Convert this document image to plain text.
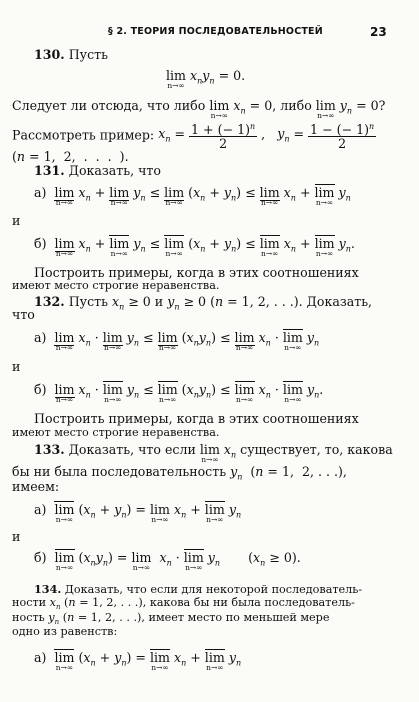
§ 2. ТЕОРИЯ ПОСЛЕДОВАТЕЛЬНОСТЕЙ	23
130. Пусть
lim
n→∞
$x_ny_n = 0$.
Следует ли отсюда, что либо lim
n→∞
$x_n = 0$, либо lim
n→∞
$y_n = 0$?
Рассмотреть пример: $x_n = \frac{1 + (- 1)^n}{2}$ ,   $y_n = \frac{1 - (- 1)^n}{2}$
(n = 1,  2,  .  .  .  ).
131. Доказать, что
а)  lim
n→∞
$x_n + \lim$
n→∞
$y_n \le \lim$
n→∞
$(x_n + y_n) \le \lim$
n→∞
$x_n + \lim$
n→∞
$y_n$
и
б)  lim
n→∞
$x_n + \lim$
n→∞
$y_n \le \lim$
n→∞
$(x_n + y_n) \le \lim$
n→∞
$x_n + \lim$
n→∞
$y_n$.
Построить примеры, когда в этих соотношениях
имеют место строгие неравенства.
132. Пусть $x_n \ge 0$ и $y_n \ge 0$ (n = 1, 2, . . .). Доказать,
что
а)  lim
n→∞
$x_n \cdot \lim$
n→∞
$y_n \le \lim$
n→∞
$(x_ny_n) \le \lim$
n→∞
$x_n \cdot \lim$
n→∞
$y_n$
и
б)  lim
n→∞
$x_n \cdot \lim$
n→∞
$y_n \le \lim$
n→∞
$(x_ny_n) \le \lim$
n→∞
$x_n \cdot \lim$
n→∞
$y_n$.
Построить примеры, когда в этих соотношениях
имеют место строгие неравенства.
133. Доказать, что если lim
n→∞
$x_n$ существует, то, какова
бы ни была последовательность $y_n$  (n = 1,  2, . . .),
имеем:
а)  lim
n→∞
$(x_n + y_n) = \lim$
n→∞
$x_n + \lim$
n→∞
$y_n$
и
б)  lim
n→∞
$(x_ny_n) = \lim$
n→∞
$x_n \cdot \lim$
n→∞
$y_n$       $(x_n \ge 0)$.
134. Доказать, что если для некоторой последователь-
ности $x_n$ (n = 1, 2, . . .), какова бы ни была последователь-
ность $y_n$ (n = 1, 2, . . .), имеет место по меньшей мере
одно из равенств:
а)  lim
n→∞
$(x_n + y_n) = \lim$
n→∞
$x_n + \lim$
n→∞
$y_n$
